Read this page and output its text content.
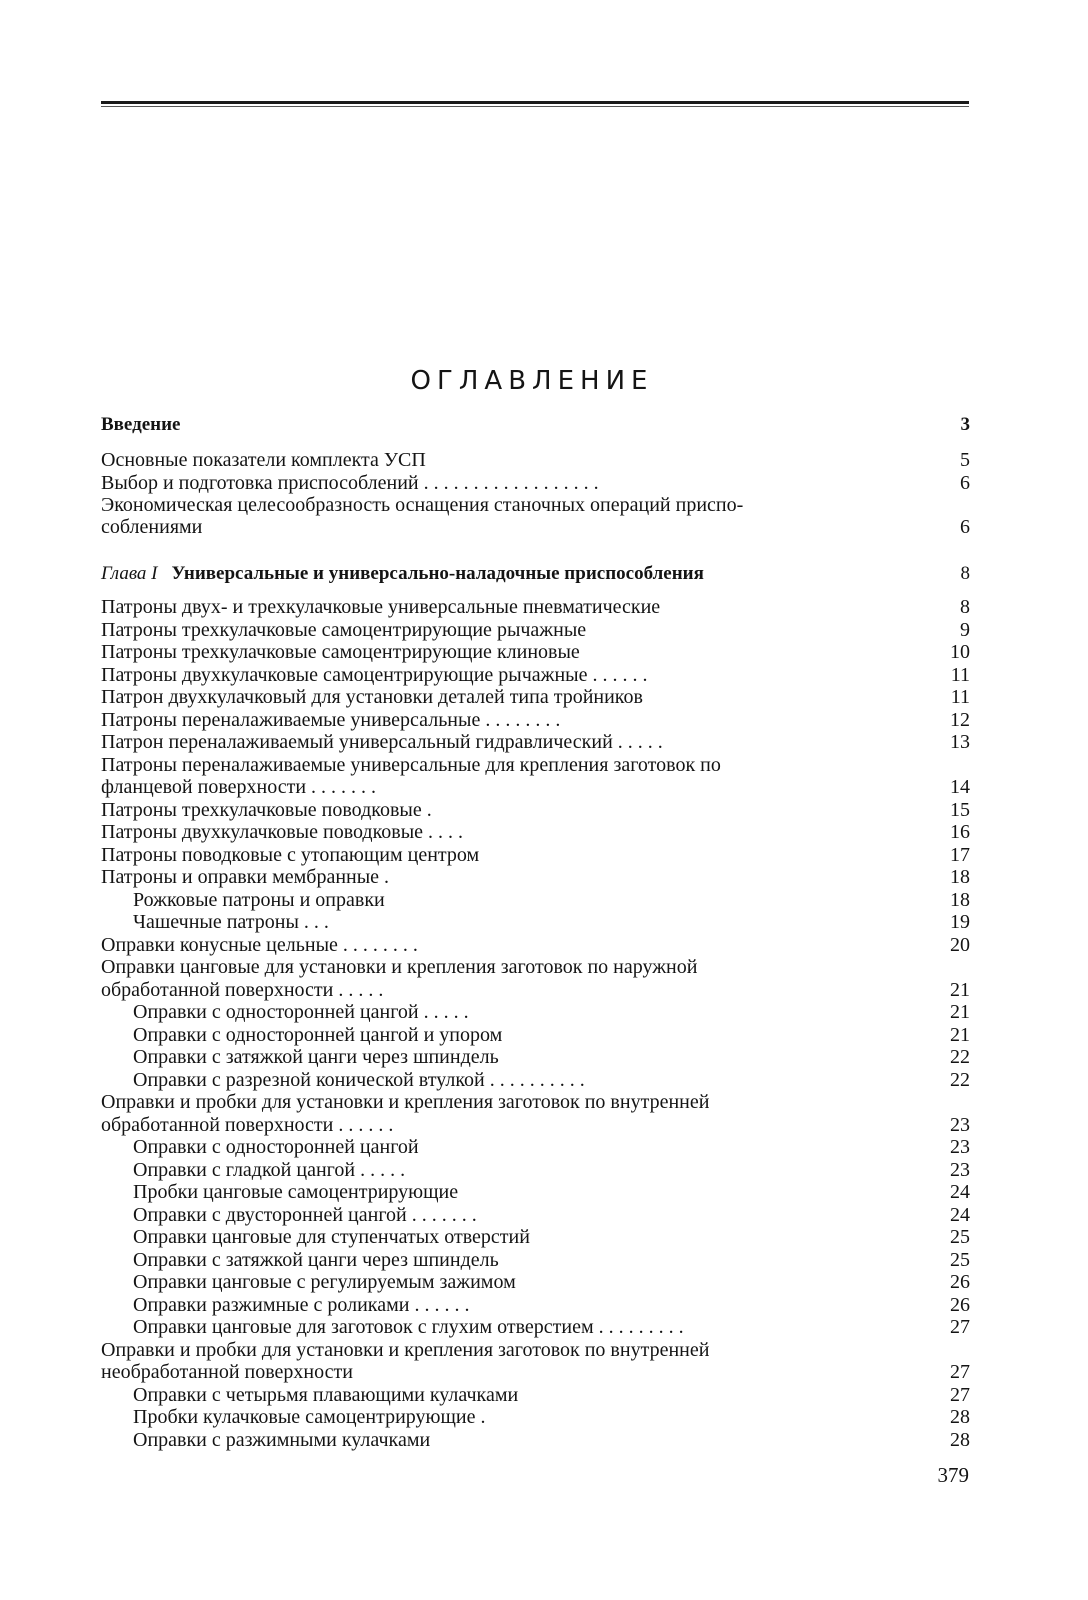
ОГЛАВЛЕНИЕ
Введение	3
Основные показатели комплекта УСП	5
Выбор и подготовка приспособлений . . . . . . . . . . . . . . . . . .	6
Экономическая целесообразность оснащения станочных операций приспо-
соблениями	6
Глава I Универсальные и универсально-наладочные приспособления	8
Патроны двух- и трехкулачковые универсальные пневматические	8
Патроны трехкулачковые самоцентрирующие рычажные	9
Патроны трехкулачковые самоцентрирующие клиновые	10
Патроны двухкулачковые самоцентрирующие рычажные . . . . . .	11
Патрон двухкулачковый для установки деталей типа тройников	11
Патроны переналаживаемые универсальные . . . . . . . .	12
Патрон переналаживаемый универсальный гидравлический . . . . .	13
Патроны переналаживаемые универсальные для крепления заготовок по
фланцевой поверхности . . . . . . .	14
Патроны трехкулачковые поводковые .	15
Патроны двухкулачковые поводковые . . . .	16
Патроны поводковые с утопающим центром	17
Патроны и оправки мембранные .	18
Рожковые патроны и оправки	18
Чашечные патроны . . .	19
Оправки конусные цельные . . . . . . . .	20
Оправки цанговые для установки и крепления заготовок по наружной
обработанной поверхности . . . . .	21
Оправки с односторонней цангой . . . . .	21
Оправки с односторонней цангой и упором	21
Оправки с затяжкой цанги через шпиндель	22
Оправки с разрезной конической втулкой . . . . . . . . . .	22
Оправки и пробки для установки и крепления заготовок по внутренней
обработанной поверхности . . . . . .	23
Оправки с односторонней цангой	23
Оправки с гладкой цангой . . . . .	23
Пробки цанговые самоцентрирующие	24
Оправки с двусторонней цангой . . . . . . .	24
Оправки цанговые для ступенчатых отверстий	25
Оправки с затяжкой цанги через шпиндель	25
Оправки цанговые с регулируемым зажимом	26
Оправки разжимные с роликами . . . . . .	26
Оправки цанговые для заготовок с глухим отверстием . . . . . . . . .	27
Оправки и пробки для установки и крепления заготовок по внутренней
необработанной поверхности	27
Оправки с четырьмя плавающими кулачками	27
Пробки кулачковые самоцентрирующие .	28
Оправки с разжимными кулачками	28
379
